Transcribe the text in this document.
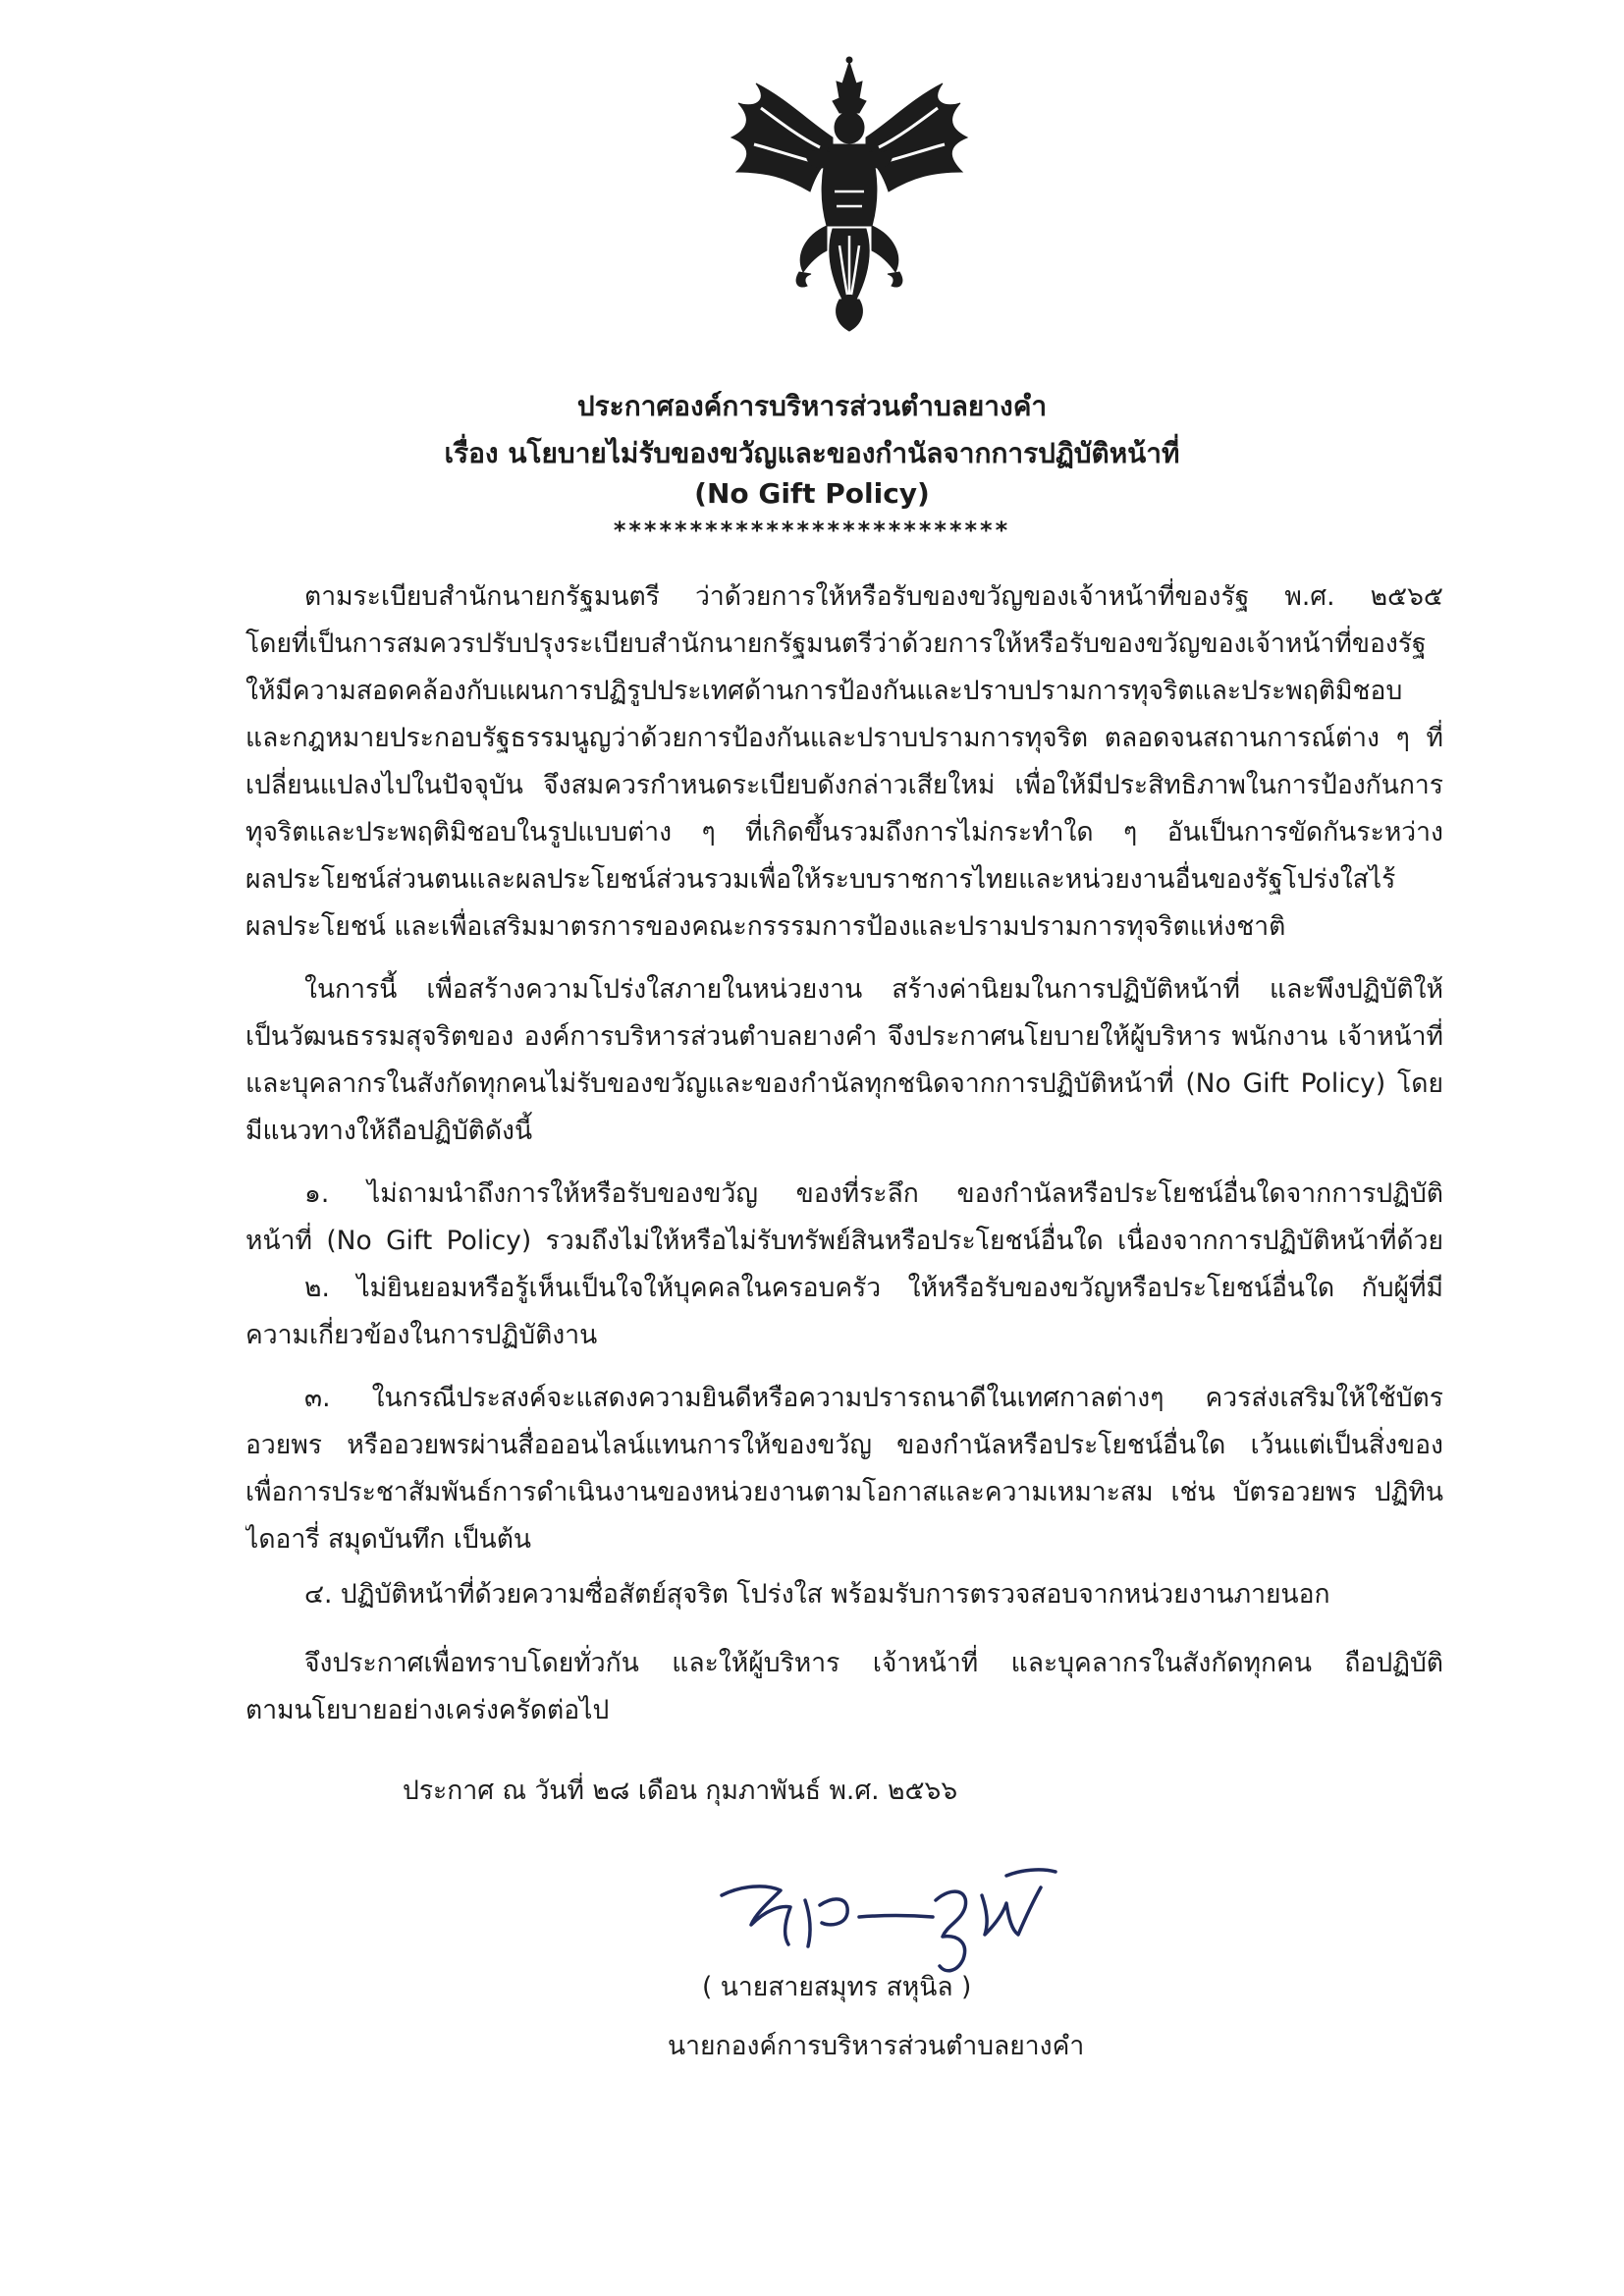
ประกาศองค์การบริหารส่วนตำบลยางคำ
เรื่อง นโยบายไม่รับของขวัญและของกำนัลจากการปฏิบัติหน้าที่
(No Gift Policy)
**************************
ตามระเบียบสำนักนายกรัฐมนตรี ว่าด้วยการให้หรือรับของขวัญของเจ้าหน้าที่ของรัฐ พ.ศ. ๒๕๖๕
โดยที่เป็นการสมควรปรับปรุงระเบียบสำนักนายกรัฐมนตรีว่าด้วยการให้หรือรับของขวัญของเจ้าหน้าที่ของรัฐ
ให้มีความสอดคล้องกับแผนการปฏิรูปประเทศด้านการป้องกันและปราบปรามการทุจริตและประพฤติมิชอบ
และกฎหมายประกอบรัฐธรรมนูญว่าด้วยการป้องกันและปราบปรามการทุจริต ตลอดจนสถานการณ์ต่าง ๆ ที่
เปลี่ยนแปลงไปในปัจจุบัน จึงสมควรกำหนดระเบียบดังกล่าวเสียใหม่ เพื่อให้มีประสิทธิภาพในการป้องกันการ
ทุจริตและประพฤติมิชอบในรูปแบบต่าง ๆ ที่เกิดขึ้นรวมถึงการไม่กระทำใด ๆ อันเป็นการขัดกันระหว่าง
ผลประโยชน์ส่วนตนและผลประโยชน์ส่วนรวมเพื่อให้ระบบราชการไทยและหน่วยงานอื่นของรัฐโปร่งใสไร้
ผลประโยชน์ และเพื่อเสริมมาตรการของคณะกรรรมการป้องและปรามปรามการทุจริตแห่งชาติ
ในการนี้ เพื่อสร้างความโปร่งใสภายในหน่วยงาน สร้างค่านิยมในการปฏิบัติหน้าที่ และพึงปฏิบัติให้
เป็นวัฒนธรรมสุจริตของ องค์การบริหารส่วนตำบลยางคำ จึงประกาศนโยบายให้ผู้บริหาร พนักงาน เจ้าหน้าที่
และบุคลากรในสังกัดทุกคนไม่รับของขวัญและของกำนัลทุกชนิดจากการปฏิบัติหน้าที่ (No Gift Policy) โดย
มีแนวทางให้ถือปฏิบัติดังนี้
๑. ไม่ถามนำถึงการให้หรือรับของขวัญ ของที่ระลึก ของกำนัลหรือประโยชน์อื่นใดจากการปฏิบัติ
หน้าที่ (No Gift Policy) รวมถึงไม่ให้หรือไม่รับทรัพย์สินหรือประโยชน์อื่นใด เนื่องจากการปฏิบัติหน้าที่ด้วย
๒. ไม่ยินยอมหรือรู้เห็นเป็นใจให้บุคคลในครอบครัว ให้หรือรับของขวัญหรือประโยชน์อื่นใด กับผู้ที่มี
ความเกี่ยวข้องในการปฏิบัติงาน
๓. ในกรณีประสงค์จะแสดงความยินดีหรือความปรารถนาดีในเทศกาลต่างๆ ควรส่งเสริมให้ใช้บัตร
อวยพร หรืออวยพรผ่านสื่อออนไลน์แทนการให้ของขวัญ ของกำนัลหรือประโยชน์อื่นใด เว้นแต่เป็นสิ่งของ
เพื่อการประชาสัมพันธ์การดำเนินงานของหน่วยงานตามโอกาสและความเหมาะสม เช่น บัตรอวยพร ปฏิทิน
ไดอารี่ สมุดบันทึก เป็นต้น
๔. ปฏิบัติหน้าที่ด้วยความซื่อสัตย์สุจริต โปร่งใส พร้อมรับการตรวจสอบจากหน่วยงานภายนอก
จึงประกาศเพื่อทราบโดยทั่วกัน และให้ผู้บริหาร เจ้าหน้าที่ และบุคลากรในสังกัดทุกคน ถือปฏิบัติ
ตามนโยบายอย่างเคร่งครัดต่อไป
ประกาศ ณ วันที่ ๒๘ เดือน กุมภาพันธ์ พ.ศ. ๒๕๖๖
( นายสายสมุทร สหุนิล )
นายกองค์การบริหารส่วนตำบลยางคำ
